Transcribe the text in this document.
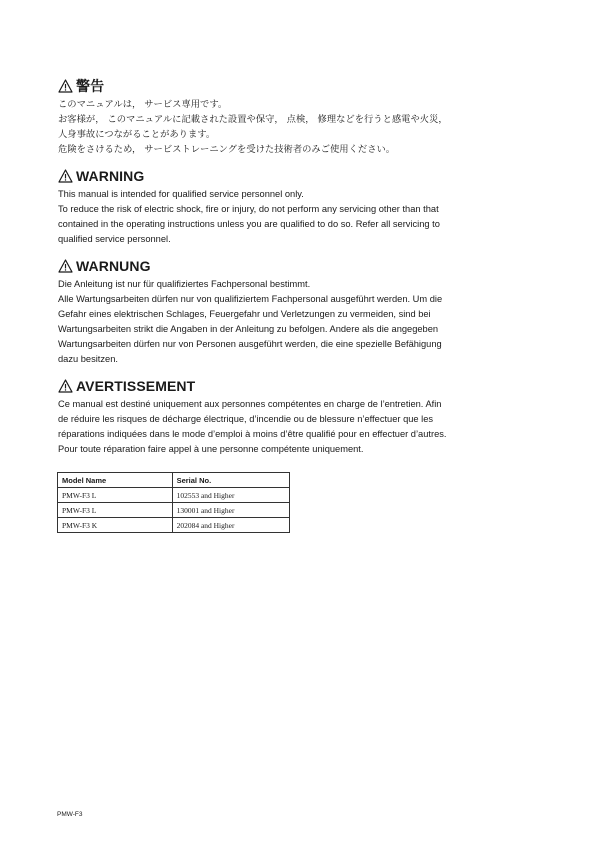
警告

このマニュアルは， サービス専用です。

お客様が， このマニュアルに記載された設置や保守， 点検， 修理などを行うと感電や火災，

人身事故につながることがあります。

危険をさけるため， サービストレーニングを受けた技術者のみご使用ください。

WARNING

This manual is intended for qualified service personnel only.

To reduce the risk of electric shock, fire or injury, do not perform any servicing other than that

contained in the operating instructions unless you are qualified to do so. Refer all servicing to

qualified service personnel.

WARNUNG

Die Anleitung ist nur für qualifiziertes Fachpersonal bestimmt.

Alle Wartungsarbeiten dürfen nur von qualifiziertem Fachpersonal ausgeführt werden. Um die

Gefahr eines elektrischen Schlages, Feuergefahr und Verletzungen zu vermeiden, sind bei

Wartungsarbeiten strikt die Angaben in der Anleitung zu befolgen. Andere als die angegeben

Wartungsarbeiten dürfen nur von Personen ausgeführt werden, die eine spezielle Befähigung

dazu besitzen.

AVERTISSEMENT

Ce manual est destiné uniquement aux personnes compétentes en charge de l’entretien. Afin

de réduire les risques de décharge électrique, d’incendie ou de blessure n’effectuer que les

réparations indiquées dans le mode d’emploi à moins d’être qualifié pour en effectuer d’autres.

Pour toute réparation faire appel à une personne compétente uniquement.

Model Name	Serial No.
PMW-F3 L	102553 and Higher
PMW-F3 L	130001 and Higher
PMW-F3 K	202084 and Higher
PMW-F3
